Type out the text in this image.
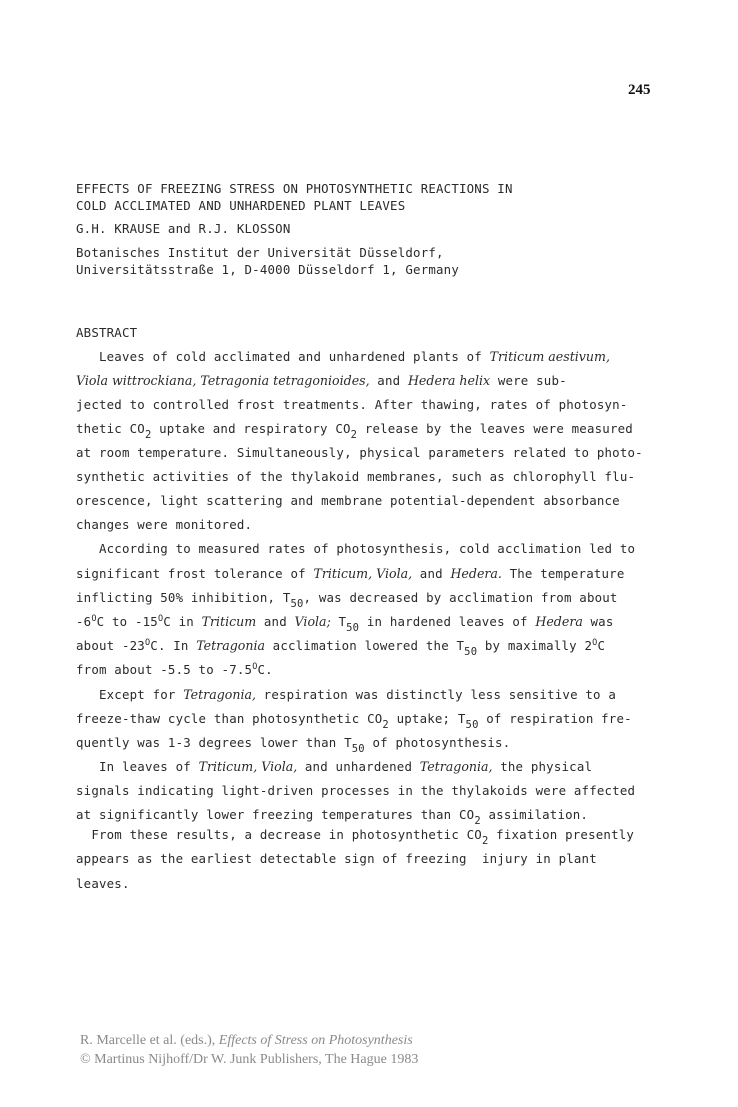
245
EFFECTS OF FREEZING STRESS ON PHOTOSYNTHETIC REACTIONS IN
COLD ACCLIMATED AND UNHARDENED PLANT LEAVES
G.H. KRAUSE and R.J. KLOSSON
Botanisches Institut der Universität Düsseldorf,
Universitätsstraße 1, D-4000 Düsseldorf 1, Germany
ABSTRACT
Leaves of cold acclimated and unhardened plants of Triticum aestivum,
Viola wittrockiana, Tetragonia tetragonioides, and Hedera helix were sub-
jected to controlled frost treatments. After thawing, rates of photosyn-
thetic $CO_2$ uptake and respiratory $CO_2$ release by the leaves were measured
at room temperature. Simultaneously, physical parameters related to photo-
synthetic activities of the thylakoid membranes, such as chlorophyll flu-
orescence, light scattering and membrane potential-dependent absorbance
changes were monitored.
According to measured rates of photosynthesis, cold acclimation led to
significant frost tolerance of Triticum, Viola, and Hedera. The temperature
inflicting 50% inhibition, $T_{50}$, was decreased by acclimation from about
$-6^OC$ to $-15^OC$ in Triticum and Viola; $T_{50}$ in hardened leaves of Hedera was
about $-23^OC$. In Tetragonia acclimation lowered the $T_{50}$ by maximally $2^OC$
from about -5.5 to $-7.5^OC$.
Except for Tetragonia, respiration was distinctly less sensitive to a
freeze-thaw cycle than photosynthetic $CO_2$ uptake; $T_{50}$ of respiration fre-
quently was 1-3 degrees lower than $T_{50}$ of photosynthesis.
In leaves of Triticum, Viola, and unhardened Tetragonia, the physical
signals indicating light-driven processes in the thylakoids were affected
at significantly lower freezing temperatures than $CO_2$ assimilation.
From these results, a decrease in photosynthetic $CO_2$ fixation presently
appears as the earliest detectable sign of freezing  injury in plant
leaves.
R. Marcelle et al. (eds.), Effects of Stress on Photosynthesis
© Martinus Nijhoff/Dr W. Junk Publishers, The Hague 1983
